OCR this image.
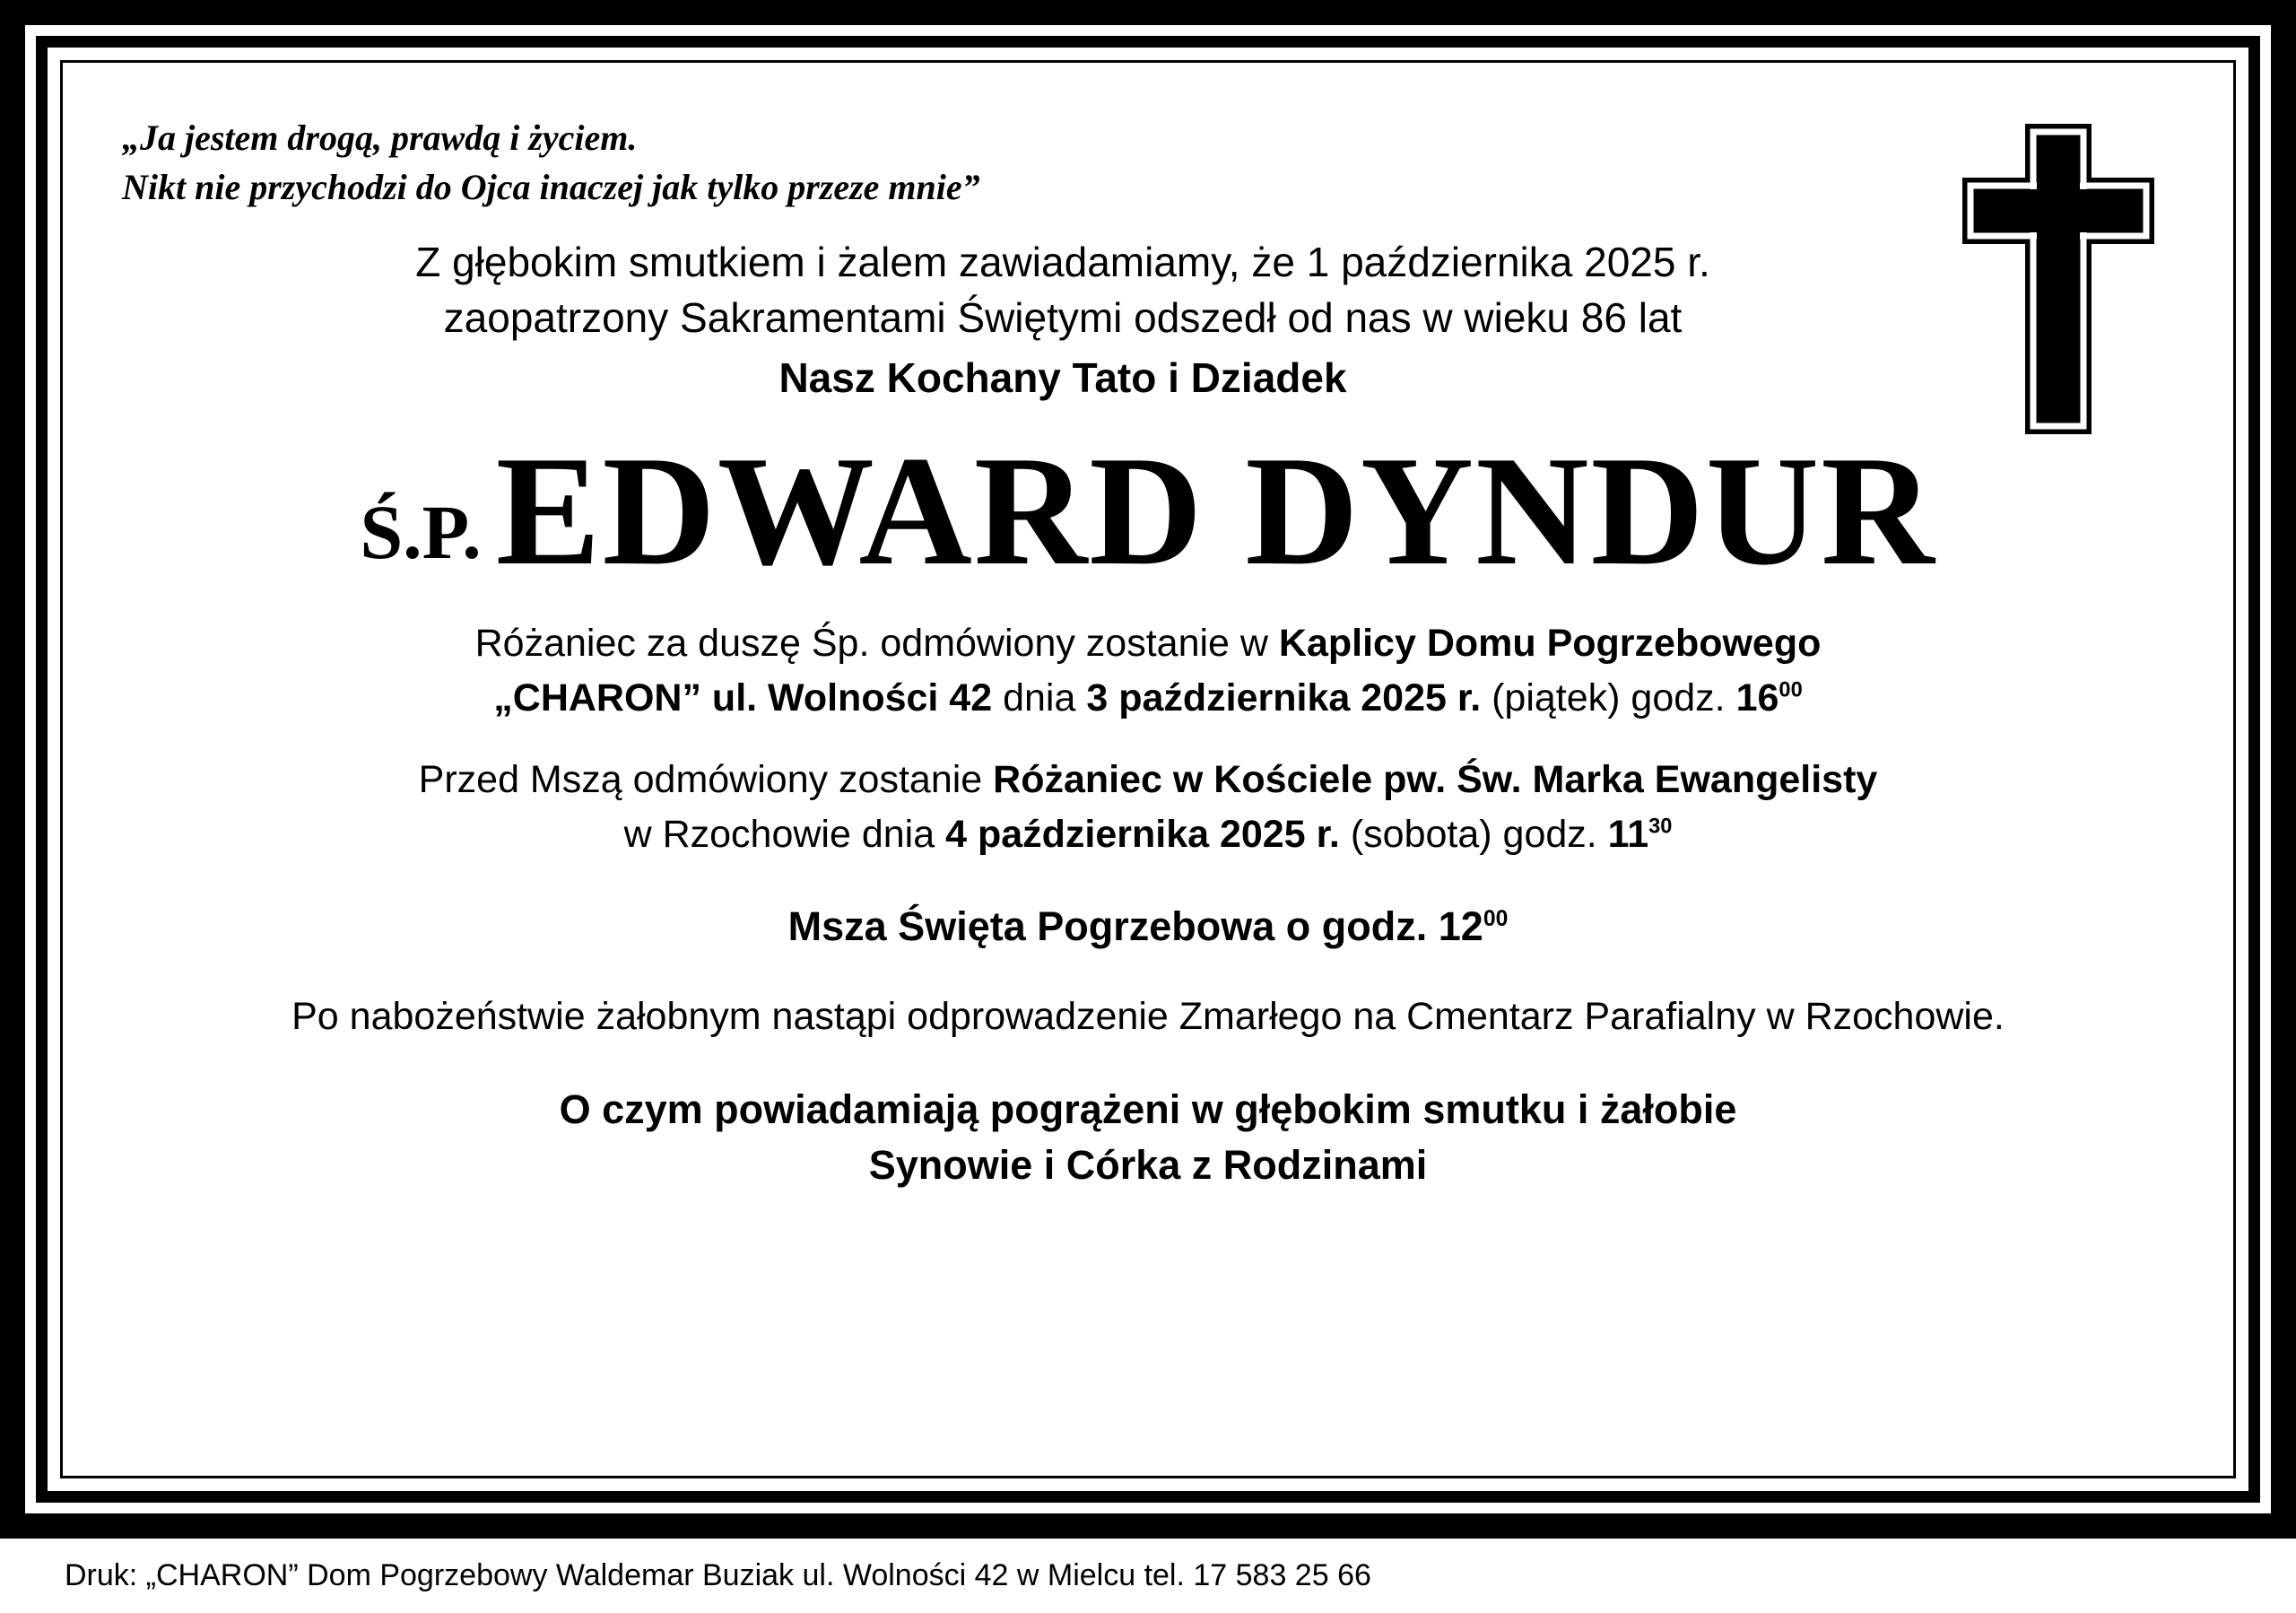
„Ja jestem drogą, prawdą i życiem.
Nikt nie przychodzi do Ojca inaczej jak tylko przeze mnie”
Z głębokim smutkiem i żalem zawiadamiamy, że 1 października 2025 r.
zaopatrzony Sakramentami Świętymi odszedł od nas w wieku 86 lat
Nasz Kochany Tato i Dziadek
Ś.P. EDWARD DYNDUR
Różaniec za duszę Śp. odmówiony zostanie w Kaplicy Domu Pogrzebowego
„CHARON” ul. Wolności 42 dnia 3 października 2025 r. (piątek) godz. $16^{00}$
Przed Mszą odmówiony zostanie Różaniec w Kościele pw. Św. Marka Ewangelisty
w Rzochowie dnia 4 października 2025 r. (sobota) godz. $11^{30}$
Msza Święta Pogrzebowa o godz. $12^{00}$
Po nabożeństwie żałobnym nastąpi odprowadzenie Zmarłego na Cmentarz Parafialny w Rzochowie.
O czym powiadamiają pogrążeni w głębokim smutku i żałobie
Synowie i Córka z Rodzinami
Druk: „CHARON” Dom Pogrzebowy Waldemar Buziak ul. Wolności 42 w Mielcu tel. 17 583 25 66
